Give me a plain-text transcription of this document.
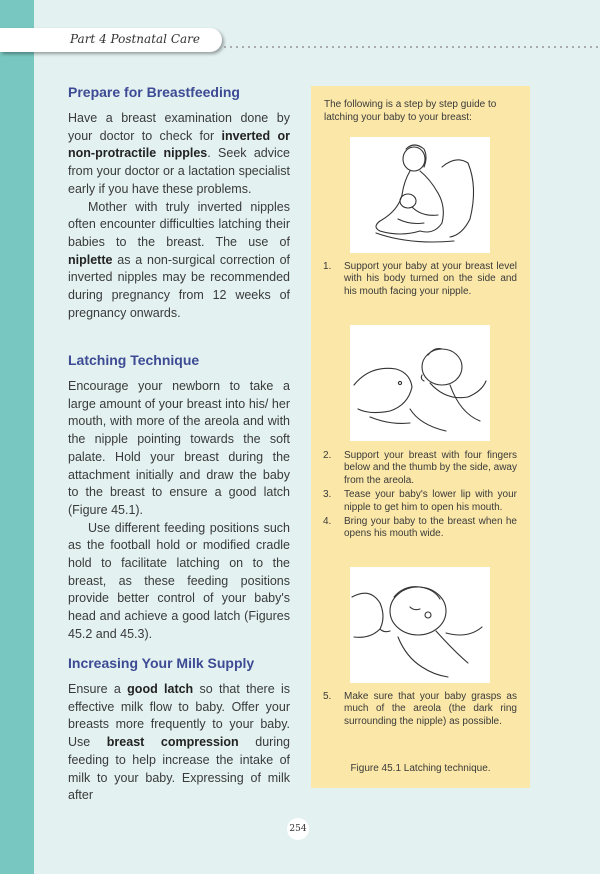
Part 4 Postnatal Care
Prepare for Breastfeeding

Have a breast examination done by your doctor to check for inverted or non-protractile nipples. Seek advice from your doctor or a lactation specialist early if you have these problems.

Mother with truly inverted nipples often encounter difficulties latching their babies to the breast. The use of niplette as a non-surgical correction of inverted nipples may be recommended during pregnancy from 12 weeks of pregnancy onwards.

Latching Technique

Encourage your newborn to take a large amount of your breast into his/ her mouth, with more of the areola and with the nipple pointing towards the soft palate. Hold your breast during the attachment initially and draw the baby to the breast to ensure a good latch (Figure 45.1).

Use different feeding positions such as the football hold or modified cradle hold to facilitate latching on to the breast, as these feeding positions provide better control of your baby's head and achieve a good latch (Figures 45.2 and 45.3).

Increasing Your Milk Supply

Ensure a good latch so that there is effective milk flow to baby. Offer your breasts more frequently to your baby. Use breast compression during feeding to help increase the intake of milk to your baby. Expressing of milk after

The following is a step by step guide to latching your baby to your breast:
1.	Support your baby at your breast level with his body turned on the side and his mouth facing your nipple.
2.	Support your breast with four fingers below and the thumb by the side, away from the areola.
3.	Tease your baby's lower lip with your nipple to get him to open his mouth.
4.	Bring your baby to the breast when he opens his mouth wide.
5.	Make sure that your baby grasps as much of the areola (the dark ring surrounding the nipple) as possible.
Figure 45.1 Latching technique.
254
